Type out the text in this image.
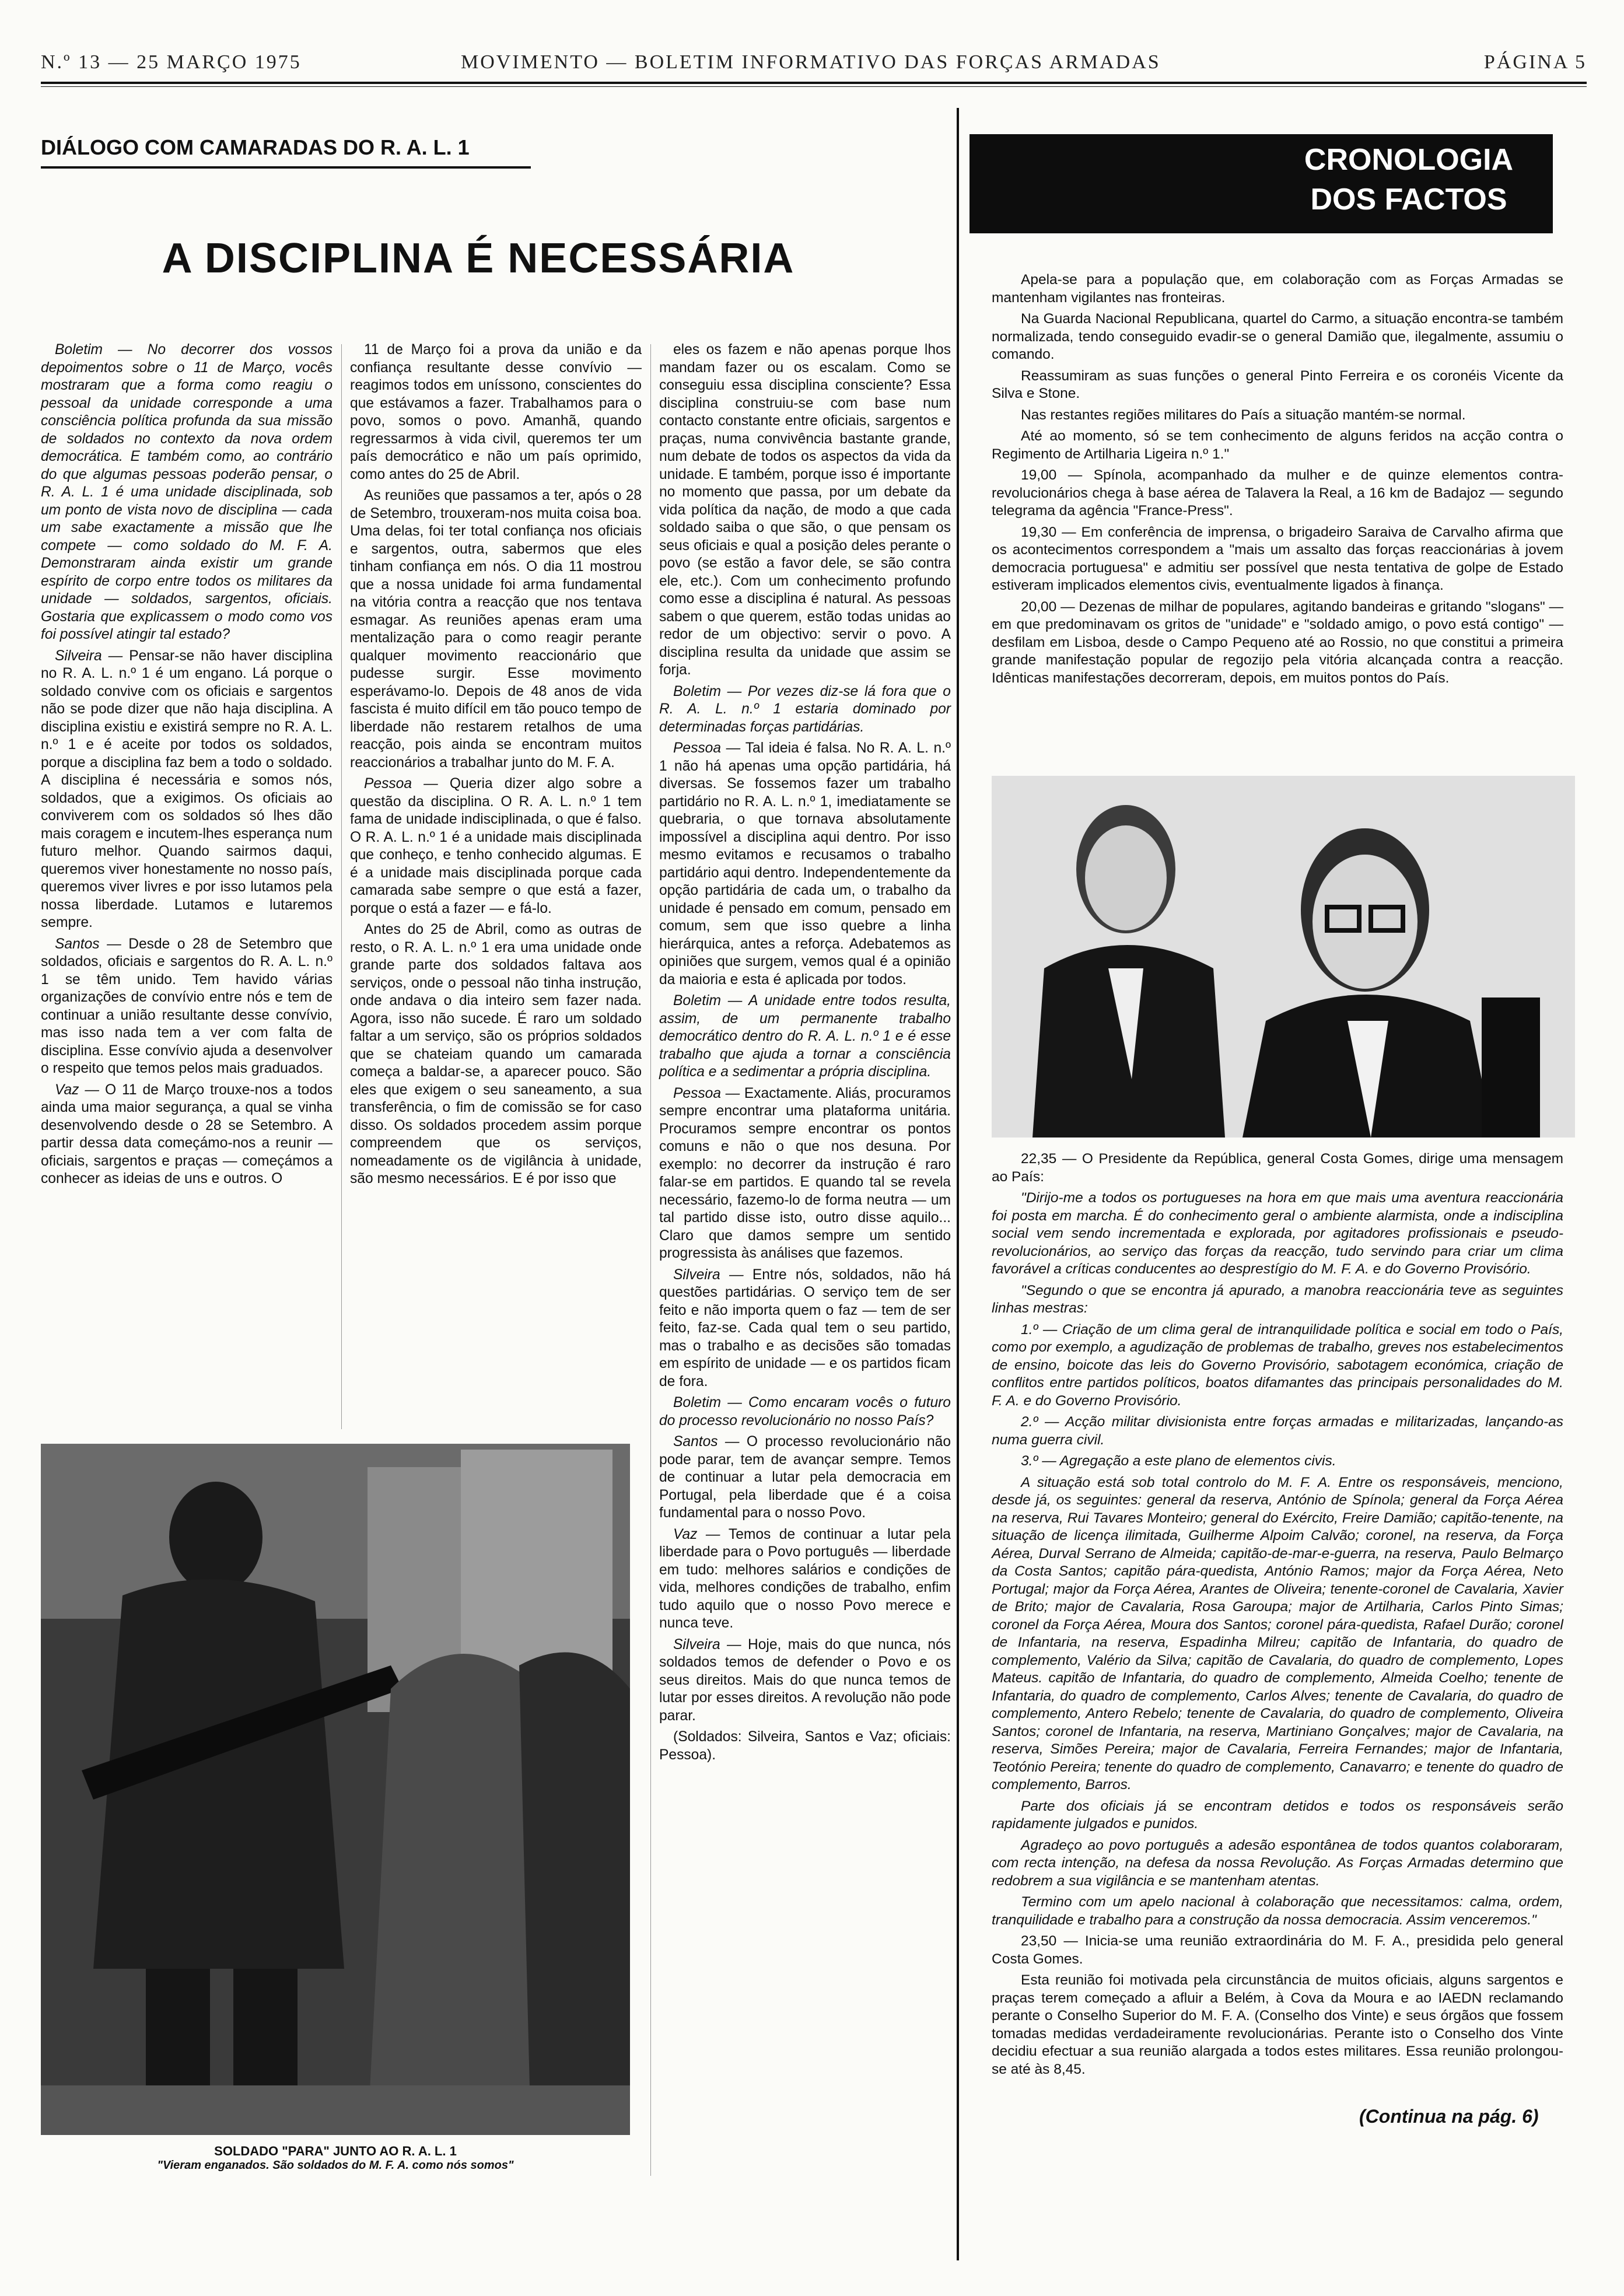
N.º 13 — 25 MARÇO 1975	MOVIMENTO — BOLETIM INFORMATIVO DAS FORÇAS ARMADAS	PÁGINA 5
DIÁLOGO COM CAMARADAS DO R. A. L. 1
A DISCIPLINA É NECESSÁRIA

Boletim — No decorrer dos vossos depoimentos sobre o 11 de Março, vocês mostraram que a forma como reagiu o pessoal da unidade corresponde a uma consciência política profunda da sua missão de soldados no contexto da nova ordem democrática. E também como, ao contrário do que algumas pessoas poderão pensar, o R. A. L. 1 é uma unidade disciplinada, sob um ponto de vista novo de disciplina — cada um sabe exactamente a missão que lhe compete — como soldado do M. F. A. Demonstraram ainda existir um grande espírito de corpo entre todos os militares da unidade — soldados, sargentos, oficiais. Gostaria que explicassem o modo como vos foi possível atingir tal estado?

Silveira — Pensar-se não haver disciplina no R. A. L. n.º 1 é um engano. Lá porque o soldado convive com os oficiais e sargentos não se pode dizer que não haja disciplina. A disciplina existiu e existirá sempre no R. A. L. n.º 1 e é aceite por todos os soldados, porque a disciplina faz bem a todo o soldado. A disciplina é necessária e somos nós, soldados, que a exigimos. Os oficiais ao conviverem com os soldados só lhes dão mais coragem e incutem-lhes esperança num futuro melhor. Quando sairmos daqui, queremos viver honestamente no nosso país, queremos viver livres e por isso lutamos pela nossa liberdade. Lutamos e lutaremos sempre.

Santos — Desde o 28 de Setembro que soldados, oficiais e sargentos do R. A. L. n.º 1 se têm unido. Tem havido várias organizações de convívio entre nós e tem de continuar a união resultante desse convívio, mas isso nada tem a ver com falta de disciplina. Esse convívio ajuda a desenvolver o respeito que temos pelos mais graduados.

Vaz — O 11 de Março trouxe-nos a todos ainda uma maior segurança, a qual se vinha desenvolvendo desde o 28 se Setembro. A partir dessa data começámo-nos a reunir — oficiais, sargentos e praças — começámos a conhecer as ideias de uns e outros. O

11 de Março foi a prova da união e da confiança resultante desse convívio — reagimos todos em uníssono, conscientes do que estávamos a fazer. Trabalhamos para o povo, somos o povo. Amanhã, quando regressarmos à vida civil, queremos ter um país democrático e não um país oprimido, como antes do 25 de Abril.

As reuniões que passamos a ter, após o 28 de Setembro, trouxeram-nos muita coisa boa. Uma delas, foi ter total confiança nos oficiais e sargentos, outra, sabermos que eles tinham confiança em nós. O dia 11 mostrou que a nossa unidade foi arma fundamental na vitória contra a reacção que nos tentava esmagar. As reuniões apenas eram uma mentalização para o como reagir perante qualquer movimento reaccionário que pudesse surgir. Esse movimento esperávamo-lo. Depois de 48 anos de vida fascista é muito difícil em tão pouco tempo de liberdade não restarem retalhos de uma reacção, pois ainda se encontram muitos reaccionários a trabalhar junto do M. F. A.

Pessoa — Queria dizer algo sobre a questão da disciplina. O R. A. L. n.º 1 tem fama de unidade indisciplinada, o que é falso. O R. A. L. n.º 1 é a unidade mais disciplinada que conheço, e tenho conhecido algumas. E é a unidade mais disciplinada porque cada camarada sabe sempre o que está a fazer, porque o está a fazer — e fá-lo.

Antes do 25 de Abril, como as outras de resto, o R. A. L. n.º 1 era uma unidade onde grande parte dos soldados faltava aos serviços, onde o pessoal não tinha instrução, onde andava o dia inteiro sem fazer nada. Agora, isso não sucede. É raro um soldado faltar a um serviço, são os próprios soldados que se chateiam quando um camarada começa a baldar-se, a aparecer pouco. São eles que exigem o seu saneamento, a sua transferência, o fim de comissão se for caso disso. Os soldados procedem assim porque compreendem que os serviços, nomeadamente os de vigilância à unidade, são mesmo necessários. E é por isso que

eles os fazem e não apenas porque lhos mandam fazer ou os escalam. Como se conseguiu essa disciplina consciente? Essa disciplina construiu-se com base num contacto constante entre oficiais, sargentos e praças, numa convivência bastante grande, num debate de todos os aspectos da vida da unidade. E também, porque isso é importante no momento que passa, por um debate da vida política da nação, de modo a que cada soldado saiba o que são, o que pensam os seus oficiais e qual a posição deles perante o povo (se estão a favor dele, se são contra ele, etc.). Com um conhecimento profundo como esse a disciplina é natural. As pessoas sabem o que querem, estão todas unidas ao redor de um objectivo: servir o povo. A disciplina resulta da unidade que assim se forja.

Boletim — Por vezes diz-se lá fora que o R. A. L. n.º 1 estaria dominado por determinadas forças partidárias.

Pessoa — Tal ideia é falsa. No R. A. L. n.º 1 não há apenas uma opção partidária, há diversas. Se fossemos fazer um trabalho partidário no R. A. L. n.º 1, imediatamente se quebraria, o que tornava absolutamente impossível a disciplina aqui dentro. Por isso mesmo evitamos e recusamos o trabalho partidário aqui dentro. Independentemente da opção partidária de cada um, o trabalho da unidade é pensado em comum, pensado em comum, sem que isso quebre a linha hierárquica, antes a reforça. Adebatemos as opiniões que surgem, vemos qual é a opinião da maioria e esta é aplicada por todos.

Boletim — A unidade entre todos resulta, assim, de um permanente trabalho democrático dentro do R. A. L. n.º 1 e é esse trabalho que ajuda a tornar a consciência política e a sedimentar a própria disciplina.

Pessoa — Exactamente. Aliás, procuramos sempre encontrar uma plataforma unitária. Procuramos sempre encontrar os pontos comuns e não o que nos desuna. Por exemplo: no decorrer da instrução é raro falar-se em partidos. E quando tal se revela necessário, fazemo-lo de forma neutra — um tal partido disse isto, outro disse aquilo... Claro que damos sempre um sentido progressista às análises que fazemos.

Silveira — Entre nós, soldados, não há questões partidárias. O serviço tem de ser feito e não importa quem o faz — tem de ser feito, faz-se. Cada qual tem o seu partido, mas o trabalho e as decisões são tomadas em espírito de unidade — e os partidos ficam de fora.

Boletim — Como encaram vocês o futuro do processo revolucionário no nosso País?

Santos — O processo revolucionário não pode parar, tem de avançar sempre. Temos de continuar a lutar pela democracia em Portugal, pela liberdade que é a coisa fundamental para o nosso Povo.

Vaz — Temos de continuar a lutar pela liberdade para o Povo português — liberdade em tudo: melhores salários e condições de vida, melhores condições de trabalho, enfim tudo aquilo que o nosso Povo merece e nunca teve.

Silveira — Hoje, mais do que nunca, nós soldados temos de defender o Povo e os seus direitos. Mais do que nunca temos de lutar por esses direitos. A revolução não pode parar.

(Soldados: Silveira, Santos e Vaz; oficiais: Pessoa).

SOLDADO "PARA" JUNTO AO R. A. L. 1
"Vieram enganados. São soldados do M. F. A. como nós somos"
CRONOLOGIA DOS FACTOS

Apela-se para a população que, em colaboração com as Forças Armadas se mantenham vigilantes nas fronteiras.

Na Guarda Nacional Republicana, quartel do Carmo, a situação encontra-se também normalizada, tendo conseguido evadir-se o general Damião que, ilegalmente, assumiu o comando.

Reassumiram as suas funções o general Pinto Ferreira e os coronéis Vicente da Silva e Stone.

Nas restantes regiões militares do País a situação mantém-se normal.

Até ao momento, só se tem conhecimento de alguns feridos na acção contra o Regimento de Artilharia Ligeira n.º 1."

19,00 — Spínola, acompanhado da mulher e de quinze elementos contra-revolucionários chega à base aérea de Talavera la Real, a 16 km de Badajoz — segundo telegrama da agência "France-Press".

19,30 — Em conferência de imprensa, o brigadeiro Saraiva de Carvalho afirma que os acontecimentos correspondem a "mais um assalto das forças reaccionárias à jovem democracia portuguesa" e admitiu ser possível que nesta tentativa de golpe de Estado estiveram implicados elementos civis, eventualmente ligados à finança.

20,00 — Dezenas de milhar de populares, agitando bandeiras e gritando "slogans" — em que predominavam os gritos de "unidade" e "soldado amigo, o povo está contigo" — desfilam em Lisboa, desde o Campo Pequeno até ao Rossio, no que constitui a primeira grande manifestação popular de regozijo pela vitória alcançada contra a reacção. Idênticas manifestações decorreram, depois, em muitos pontos do País.

22,35 — O Presidente da República, general Costa Gomes, dirige uma mensagem ao País:

"Dirijo-me a todos os portugueses na hora em que mais uma aventura reaccionária foi posta em marcha. É do conhecimento geral o ambiente alarmista, onde a indisciplina social vem sendo incrementada e explorada, por agitadores profissionais e pseudo-revolucionários, ao serviço das forças da reacção, tudo servindo para criar um clima favorável a críticas conducentes ao desprestígio do M. F. A. e do Governo Provisório.

"Segundo o que se encontra já apurado, a manobra reaccionária teve as seguintes linhas mestras:

1.º — Criação de um clima geral de intranquilidade política e social em todo o País, como por exemplo, a agudização de problemas de trabalho, greves nos estabelecimentos de ensino, boicote das leis do Governo Provisório, sabotagem económica, criação de conflitos entre partidos políticos, boatos difamantes das principais personalidades do M. F. A. e do Governo Provisório.

2.º — Acção militar divisionista entre forças armadas e militarizadas, lançando-as numa guerra civil.

3.º — Agregação a este plano de elementos civis.

A situação está sob total controlo do M. F. A. Entre os responsáveis, menciono, desde já, os seguintes: general da reserva, António de Spínola; general da Força Aérea na reserva, Rui Tavares Monteiro; general do Exército, Freire Damião; capitão-tenente, na situação de licença ilimitada, Guilherme Alpoim Calvão; coronel, na reserva, da Força Aérea, Durval Serrano de Almeida; capitão-de-mar-e-guerra, na reserva, Paulo Belmarço da Costa Santos; capitão pára-quedista, António Ramos; major da Força Aérea, Neto Portugal; major da Força Aérea, Arantes de Oliveira; tenente-coronel de Cavalaria, Xavier de Brito; major de Cavalaria, Rosa Garoupa; major de Artilharia, Carlos Pinto Simas; coronel da Força Aérea, Moura dos Santos; coronel pára-quedista, Rafael Durão; coronel de Infantaria, na reserva, Espadinha Milreu; capitão de Infantaria, do quadro de complemento, Valério da Silva; capitão de Cavalaria, do quadro de complemento, Lopes Mateus. capitão de Infantaria, do quadro de complemento, Almeida Coelho; tenente de Infantaria, do quadro de complemento, Carlos Alves; tenente de Cavalaria, do quadro de complemento, Antero Rebelo; tenente de Cavalaria, do quadro de complemento, Oliveira Santos; coronel de Infantaria, na reserva, Martiniano Gonçalves; major de Cavalaria, na reserva, Simões Pereira; major de Cavalaria, Ferreira Fernandes; major de Infantaria, Teotónio Pereira; tenente do quadro de complemento, Canavarro; e tenente do quadro de complemento, Barros.

Parte dos oficiais já se encontram detidos e todos os responsáveis serão rapidamente julgados e punidos.

Agradeço ao povo português a adesão espontânea de todos quantos colaboraram, com recta intenção, na defesa da nossa Revolução. As Forças Armadas determino que redobrem a sua vigilância e se mantenham atentas.

Termino com um apelo nacional à colaboração que necessitamos: calma, ordem, tranquilidade e trabalho para a construção da nossa democracia. Assim venceremos."

23,50 — Inicia-se uma reunião extraordinária do M. F. A., presidida pelo general Costa Gomes.

Esta reunião foi motivada pela circunstância de muitos oficiais, alguns sargentos e praças terem começado a afluir a Belém, à Cova da Moura e ao IAEDN reclamando perante o Conselho Superior do M. F. A. (Conselho dos Vinte) e seus órgãos que fossem tomadas medidas verdadeiramente revolucionárias. Perante isto o Conselho dos Vinte decidiu efectuar a sua reunião alargada a todos estes militares. Essa reunião prolongou-se até às 8,45.

(Continua na pág. 6)
